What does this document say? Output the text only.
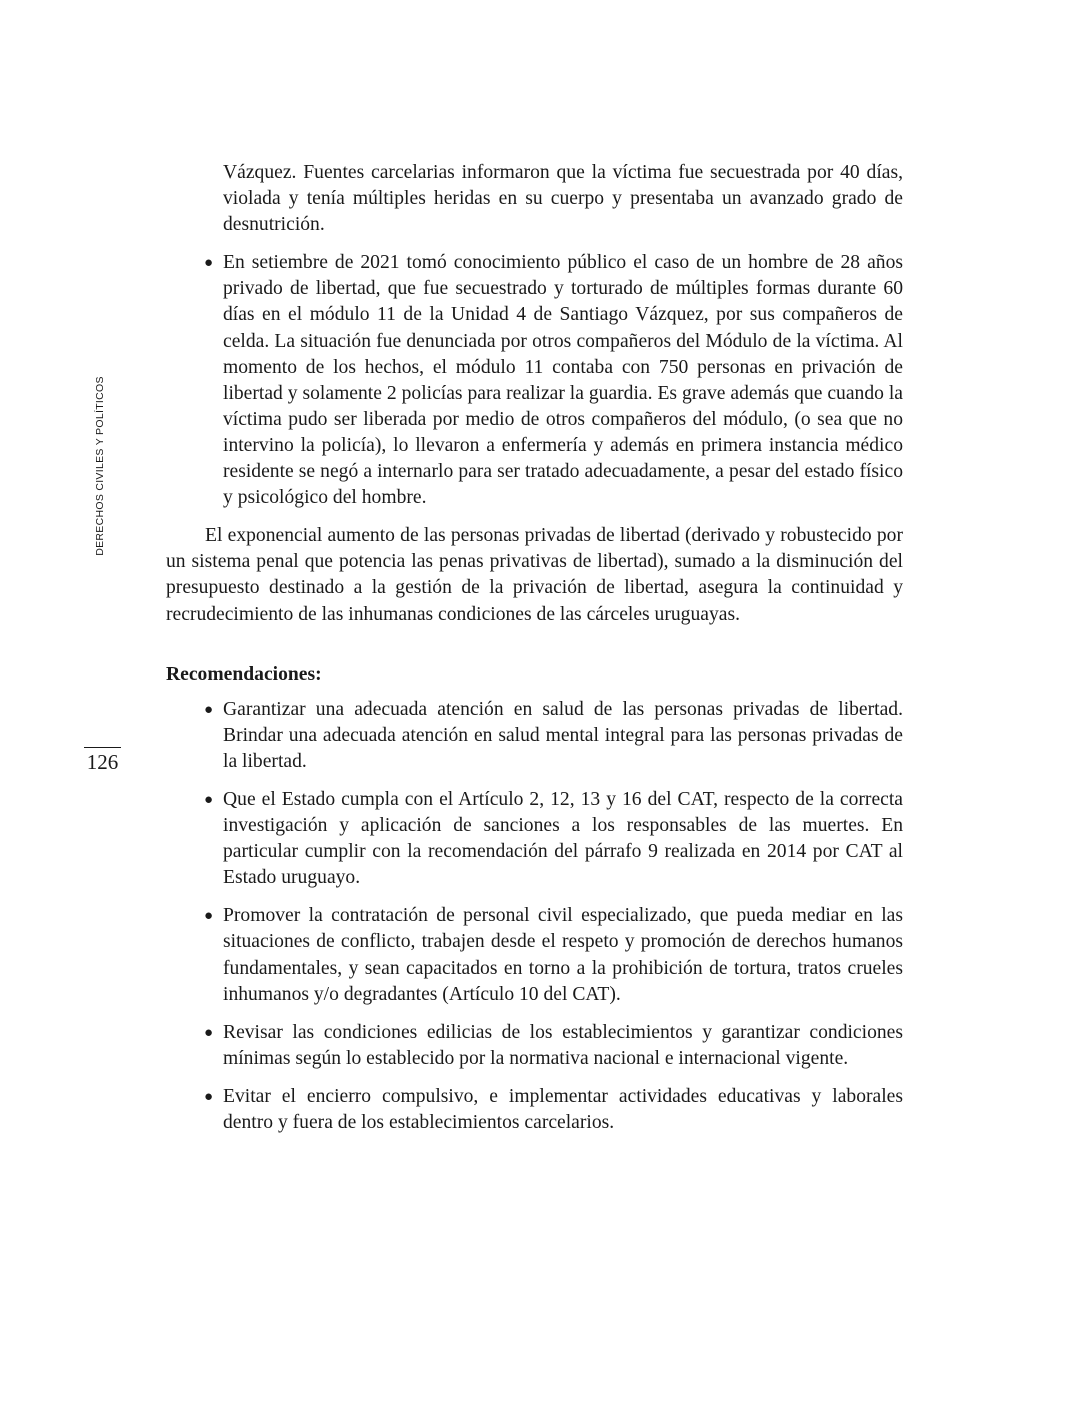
DERECHOS CIVILES Y POLÍTICOS
126

Vázquez. Fuentes carcelarias informaron que la víctima fue secuestrada por 40 días, violada y tenía múltiples heridas en su cuerpo y presentaba un avanzado grado de desnutrición.

● En setiembre de 2021 tomó conocimiento público el caso de un hombre de 28 años privado de libertad, que fue secuestrado y torturado de múltiples formas durante 60 días en el módulo 11 de la Unidad 4 de Santiago Vázquez, por sus compañeros de celda. La situación fue denunciada por otros compañeros del Módulo de la víctima. Al momento de los hechos, el módulo 11 contaba con 750 personas en privación de libertad y solamente 2 policías para realizar la guardia. Es grave además que cuando la víctima pudo ser liberada por medio de otros compañeros del módulo, (o sea que no intervino la policía), lo llevaron a enfermería y además en primera instancia médico residente se negó a internarlo para ser tratado adecuadamente, a pesar del estado físico y psicológico del hombre.

El exponencial aumento de las personas privadas de libertad (derivado y robustecido por un sistema penal que potencia las penas privativas de libertad), sumado a la disminución del presupuesto destinado a la gestión de la privación de libertad, asegura la continuidad y recrudecimiento de las inhumanas condiciones de las cárceles uruguayas.

Recomendaciones:

● Garantizar una adecuada atención en salud de las personas privadas de libertad. Brindar una adecuada atención en salud mental integral para las personas privadas de la libertad.
● Que el Estado cumpla con el Artículo 2, 12, 13 y 16 del CAT, respecto de la correcta investigación y aplicación de sanciones a los responsables de las muertes. En particular cumplir con la recomendación del párrafo 9 realizada en 2014 por CAT al Estado uruguayo.
● Promover la contratación de personal civil especializado, que pueda mediar en las situaciones de conflicto, trabajen desde el respeto y promoción de derechos humanos fundamentales, y sean capacitados en torno a la prohibición de tortura, tratos crueles inhumanos y/o degradantes (Artículo 10 del CAT).
● Revisar las condiciones edilicias de los establecimientos y garantizar condiciones mínimas según lo establecido por la normativa nacional e internacional vigente.
● Evitar el encierro compulsivo, e implementar actividades educativas y laborales dentro y fuera de los establecimientos carcelarios.
